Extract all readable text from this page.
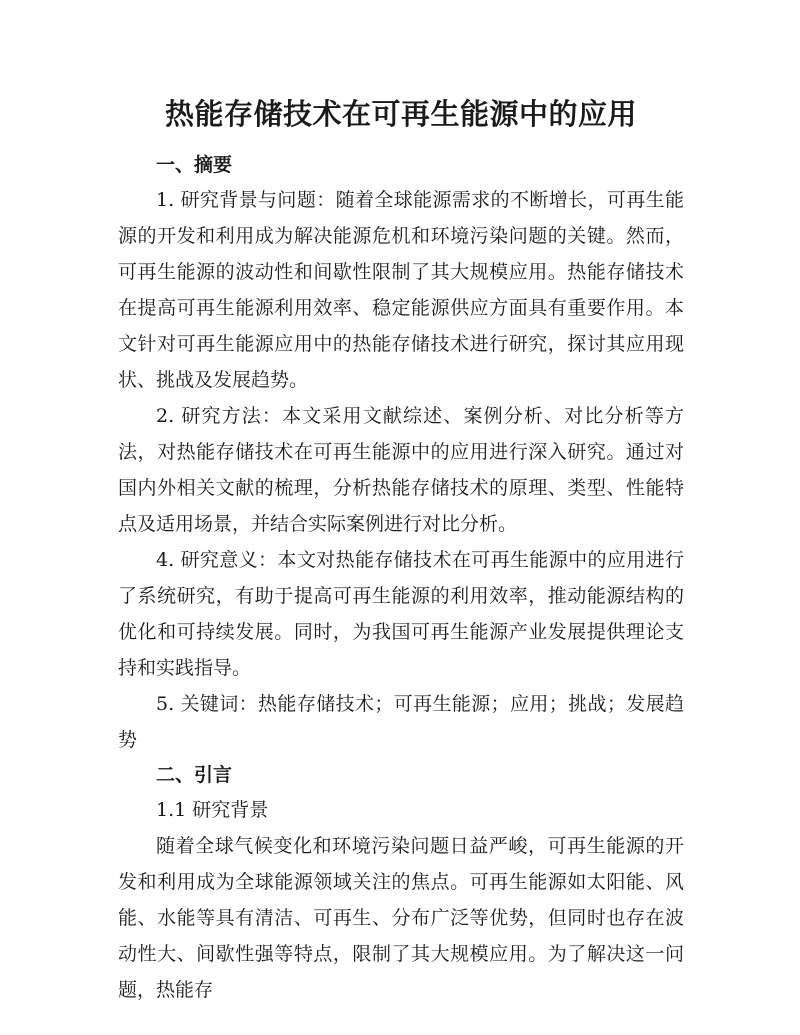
热能存储技术在可再生能源中的应用

一、摘要

1. 研究背景与问题：随着全球能源需求的不断增长，可再生能源的开发和利用成为解决能源危机和环境污染问题的关键。然而，可再生能源的波动性和间歇性限制了其大规模应用。热能存储技术在提高可再生能源利用效率、稳定能源供应方面具有重要作用。本文针对可再生能源应用中的热能存储技术进行研究，探讨其应用现状、挑战及发展趋势。

2. 研究方法：本文采用文献综述、案例分析、对比分析等方法，对热能存储技术在可再生能源中的应用进行深入研究。通过对国内外相关文献的梳理，分析热能存储技术的原理、类型、性能特点及适用场景，并结合实际案例进行对比分析。

4. 研究意义：本文对热能存储技术在可再生能源中的应用进行了系统研究，有助于提高可再生能源的利用效率，推动能源结构的优化和可持续发展。同时，为我国可再生能源产业发展提供理论支持和实践指导。

5. 关键词：热能存储技术；可再生能源；应用；挑战；发展趋势

二、引言

1.1 研究背景

随着全球气候变化和环境污染问题日益严峻，可再生能源的开发和利用成为全球能源领域关注的焦点。可再生能源如太阳能、风能、水能等具有清洁、可再生、分布广泛等优势，但同时也存在波动性大、间歇性强等特点，限制了其大规模应用。为了解决这一问题，热能存
